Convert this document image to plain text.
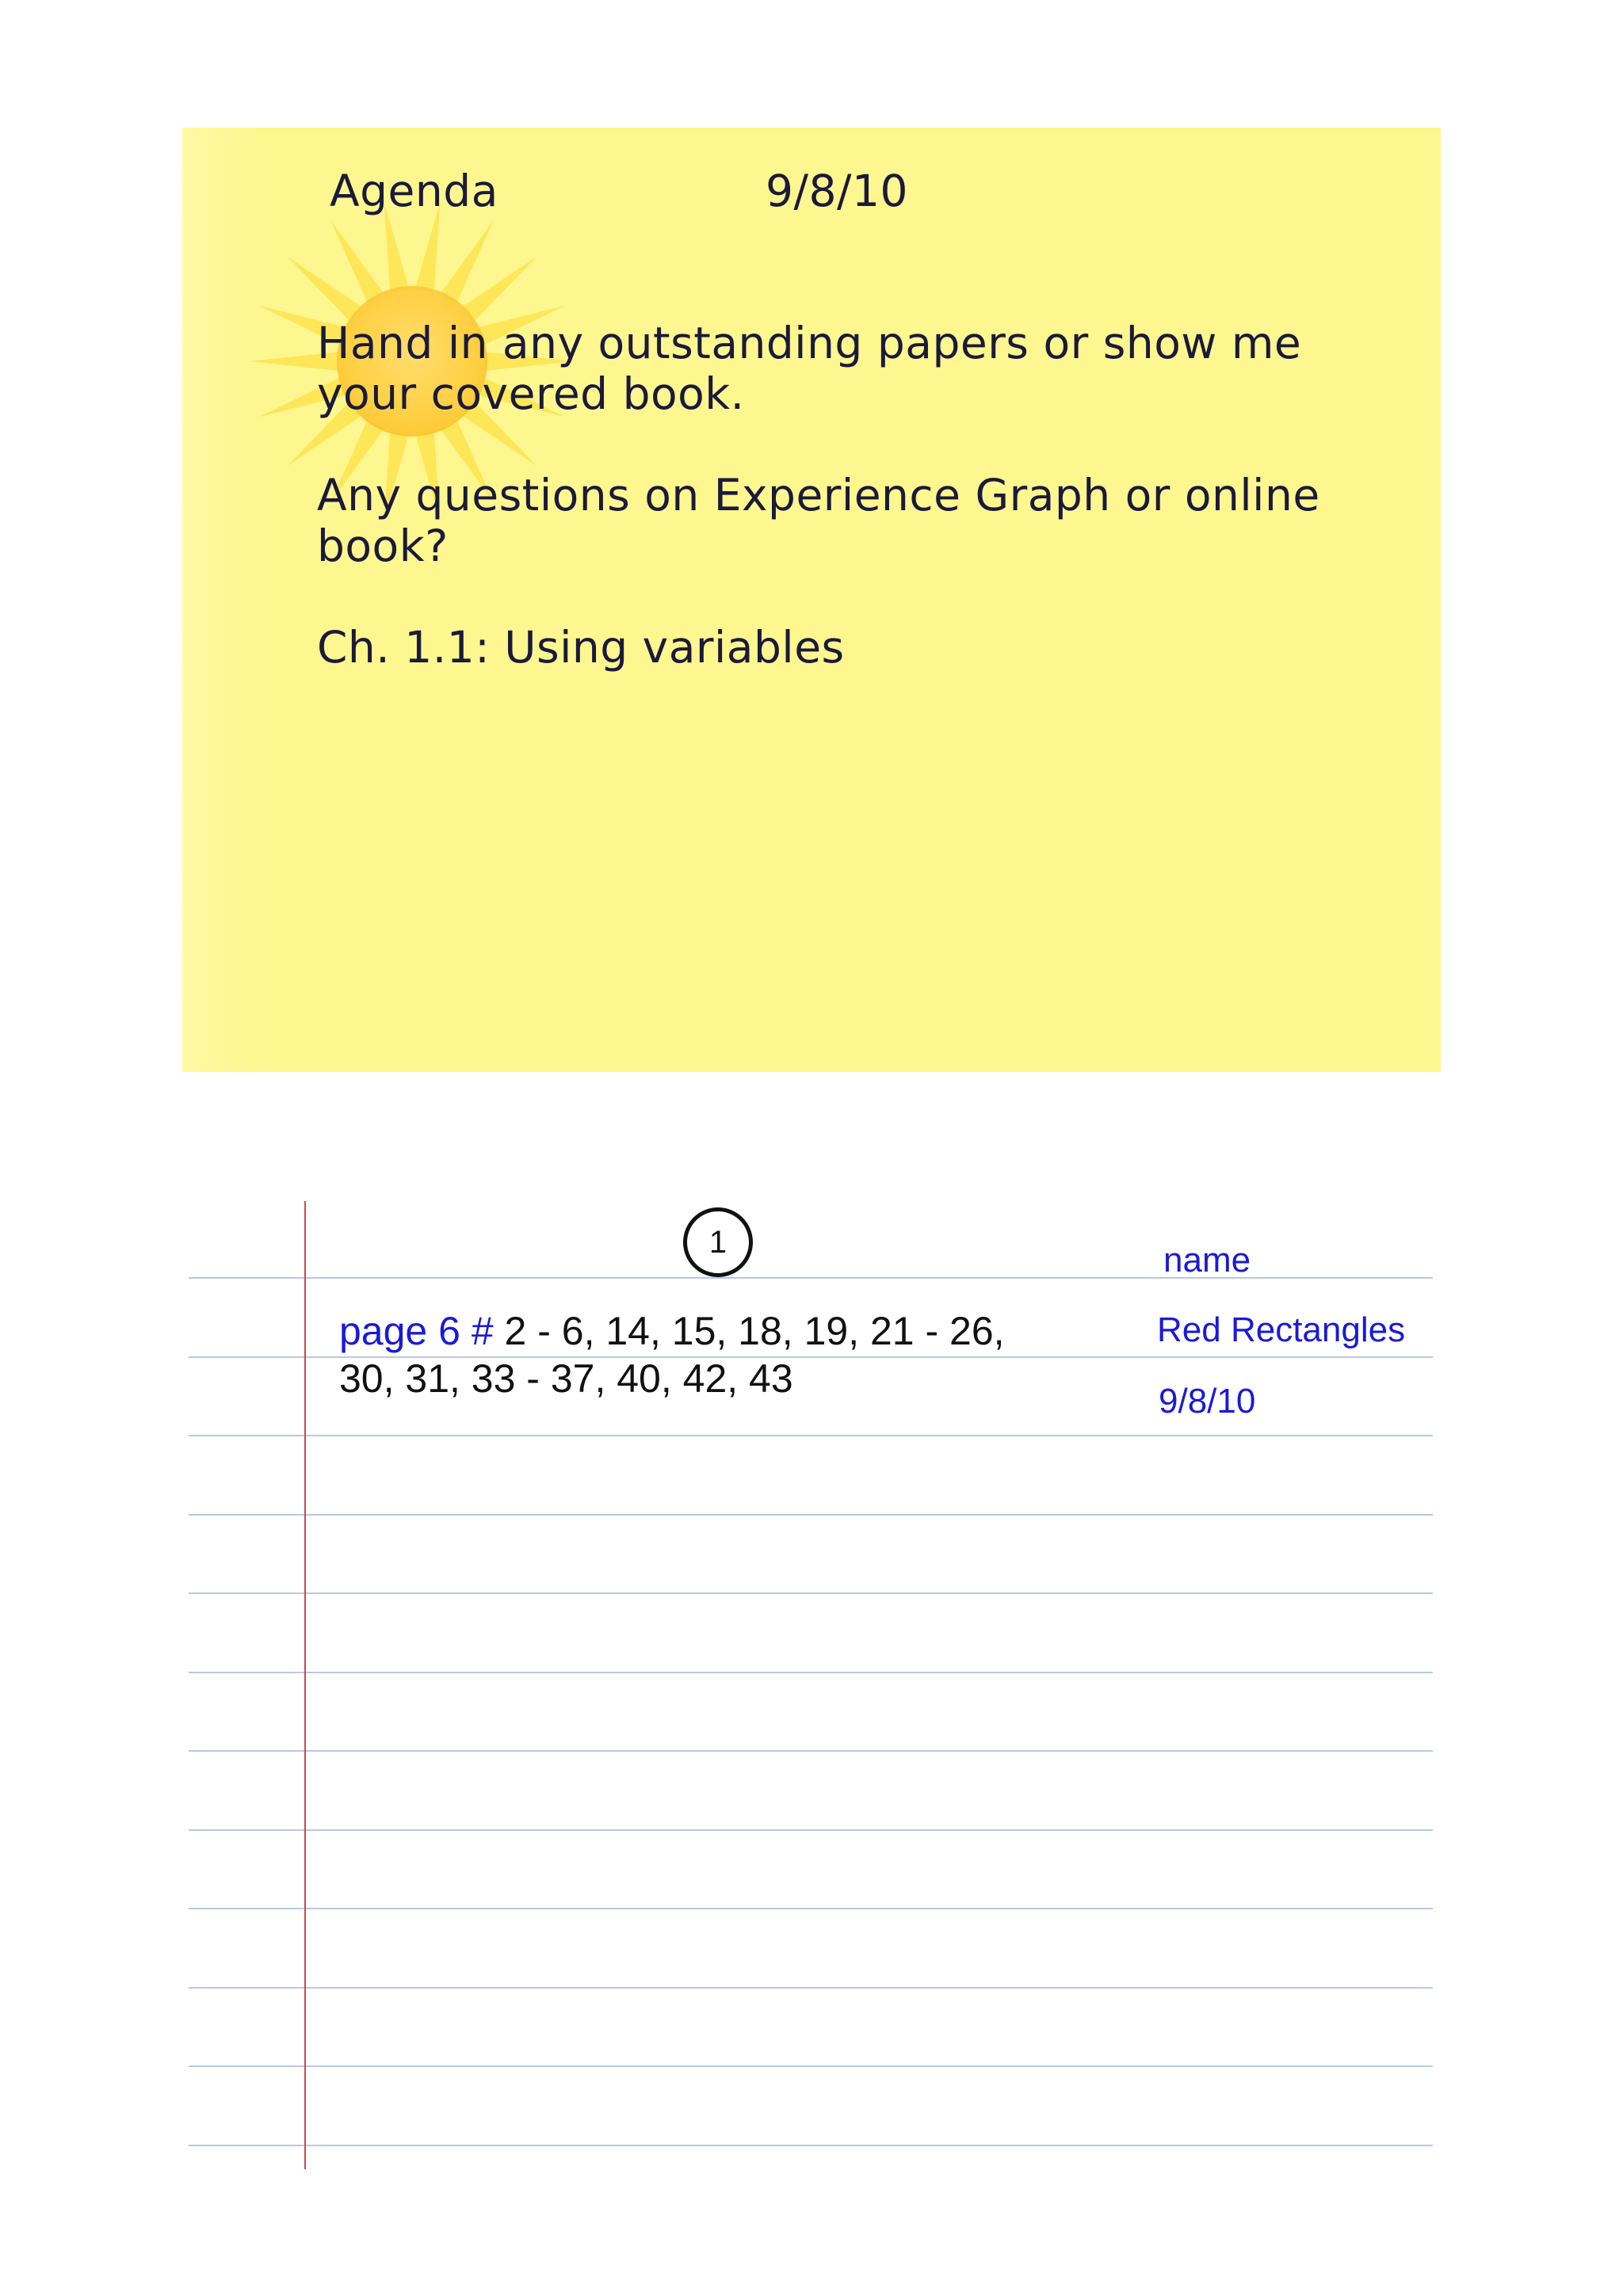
Agenda	9/8/10
Hand in any outstanding papers or show me your covered book.
Any questions on Experience Graph or online book?
Ch. 1.1: Using variables
1	name
Red Rectangles
9/8/10
page 6 # 2 - 6, 14, 15, 18, 19, 21 - 26,
30, 31, 33 - 37, 40, 42, 43
